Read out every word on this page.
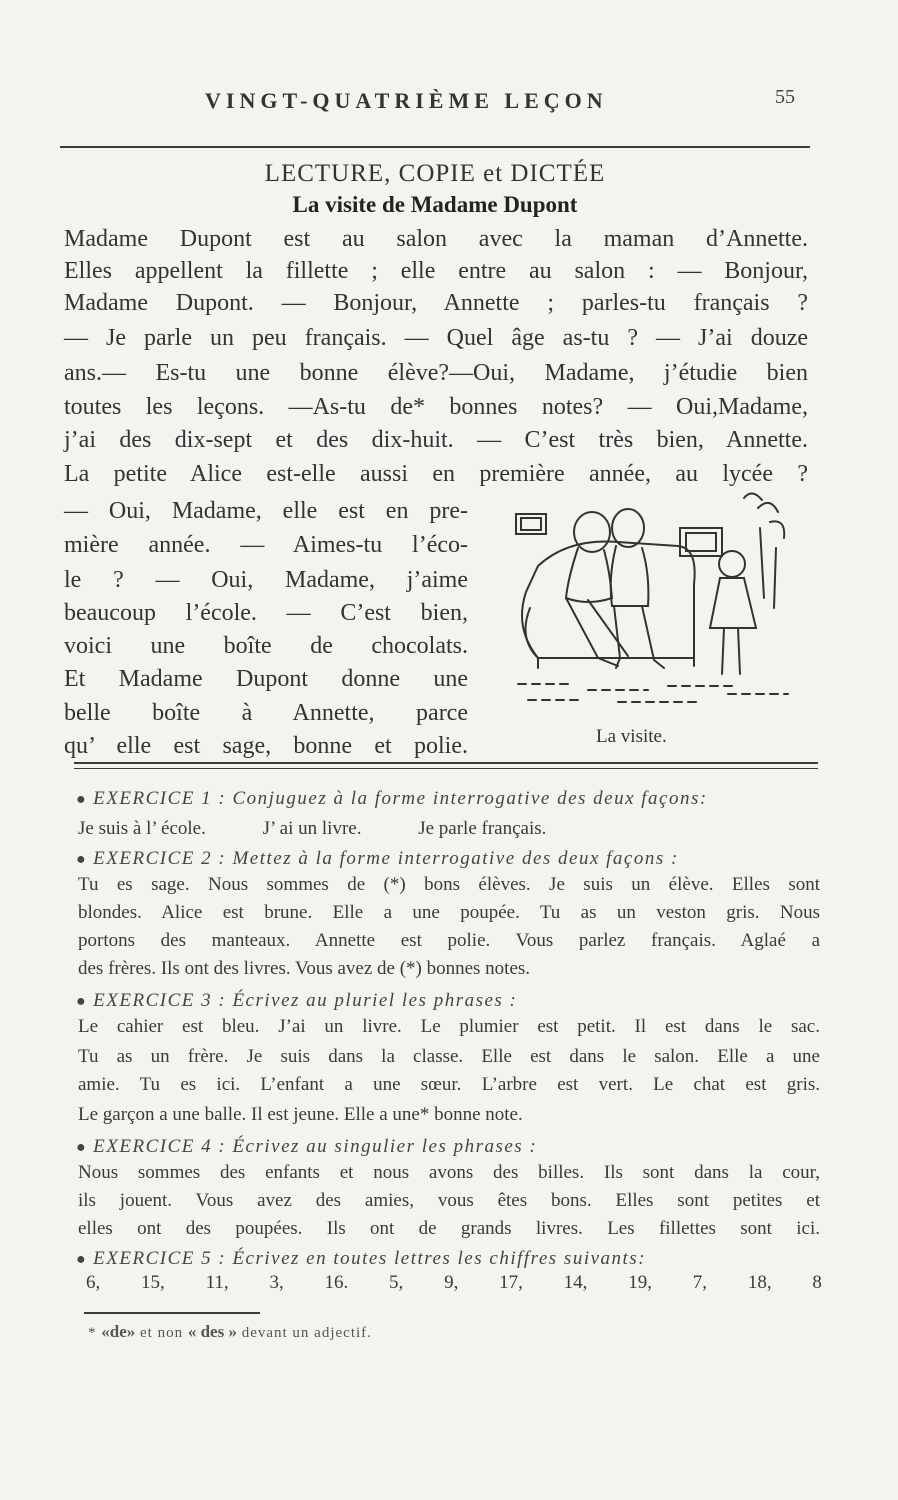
VINGT-QUATRIÈME LEÇON	55
LECTURE, COPIE et DICTÉE
La visite de Madame Dupont
Madame Dupont est au salon avec la maman d’Annette.
Elles appellent la fillette ; elle entre au salon : — Bonjour,
Madame Dupont. — Bonjour, Annette ; parles-tu français ?
— Je parle un peu français. — Quel âge as-tu ? — J’ai douze
ans.— Es-tu une bonne élève?—Oui, Madame, j’étudie bien
toutes les leçons. —As-tu de* bonnes notes? — Oui,Madame,
j’ai des dix-sept et des dix-huit. — C’est très bien, Annette.
La petite Alice est-elle aussi en première année, au lycée ?
— Oui, Madame, elle est en pre-
mière année. — Aimes-tu l’éco-
le ? — Oui, Madame, j’aime
beaucoup l’école. — C’est bien,
voici une boîte de chocolats.
Et Madame Dupont donne une
belle boîte à Annette, parce
qu’ elle est sage, bonne et polie.	La visite.
● EXERCICE 1 : Conjuguez à la forme interrogative des deux façons:
Je suis à l’ école.	J’ ai un livre.	Je parle français.
● EXERCICE 2 : Mettez à la forme interrogative des deux façons :
Tu es sage. Nous sommes de (*) bons élèves. Je suis un élève. Elles sont
blondes. Alice est brune. Elle a une poupée. Tu as un veston gris. Nous
portons des manteaux. Annette est polie. Vous parlez français. Aglaé a
des frères. Ils ont des livres. Vous avez de (*) bonnes notes.
● EXERCICE 3 : Écrivez au pluriel les phrases :
Le cahier est bleu. J’ai un livre. Le plumier est petit. Il est dans le sac.
Tu as un frère. Je suis dans la classe. Elle est dans le salon. Elle a une
amie. Tu es ici. L’enfant a une sœur. L’arbre est vert. Le chat est gris.
Le garçon a une balle. Il est jeune. Elle a une* bonne note.
● EXERCICE 4 : Écrivez au singulier les phrases :
Nous sommes des enfants et nous avons des billes. Ils sont dans la cour,
ils jouent. Vous avez des amies, vous êtes bons. Elles sont petites et
elles ont des poupées. Ils ont de grands livres. Les fillettes sont ici.
● EXERCICE 5 : Écrivez en toutes lettres les chiffres suivants:
6, 15, 11, 3, 16. 5, 9, 17, 14, 19, 7, 18, 8
* «de» et non « des » devant un adjectif.
